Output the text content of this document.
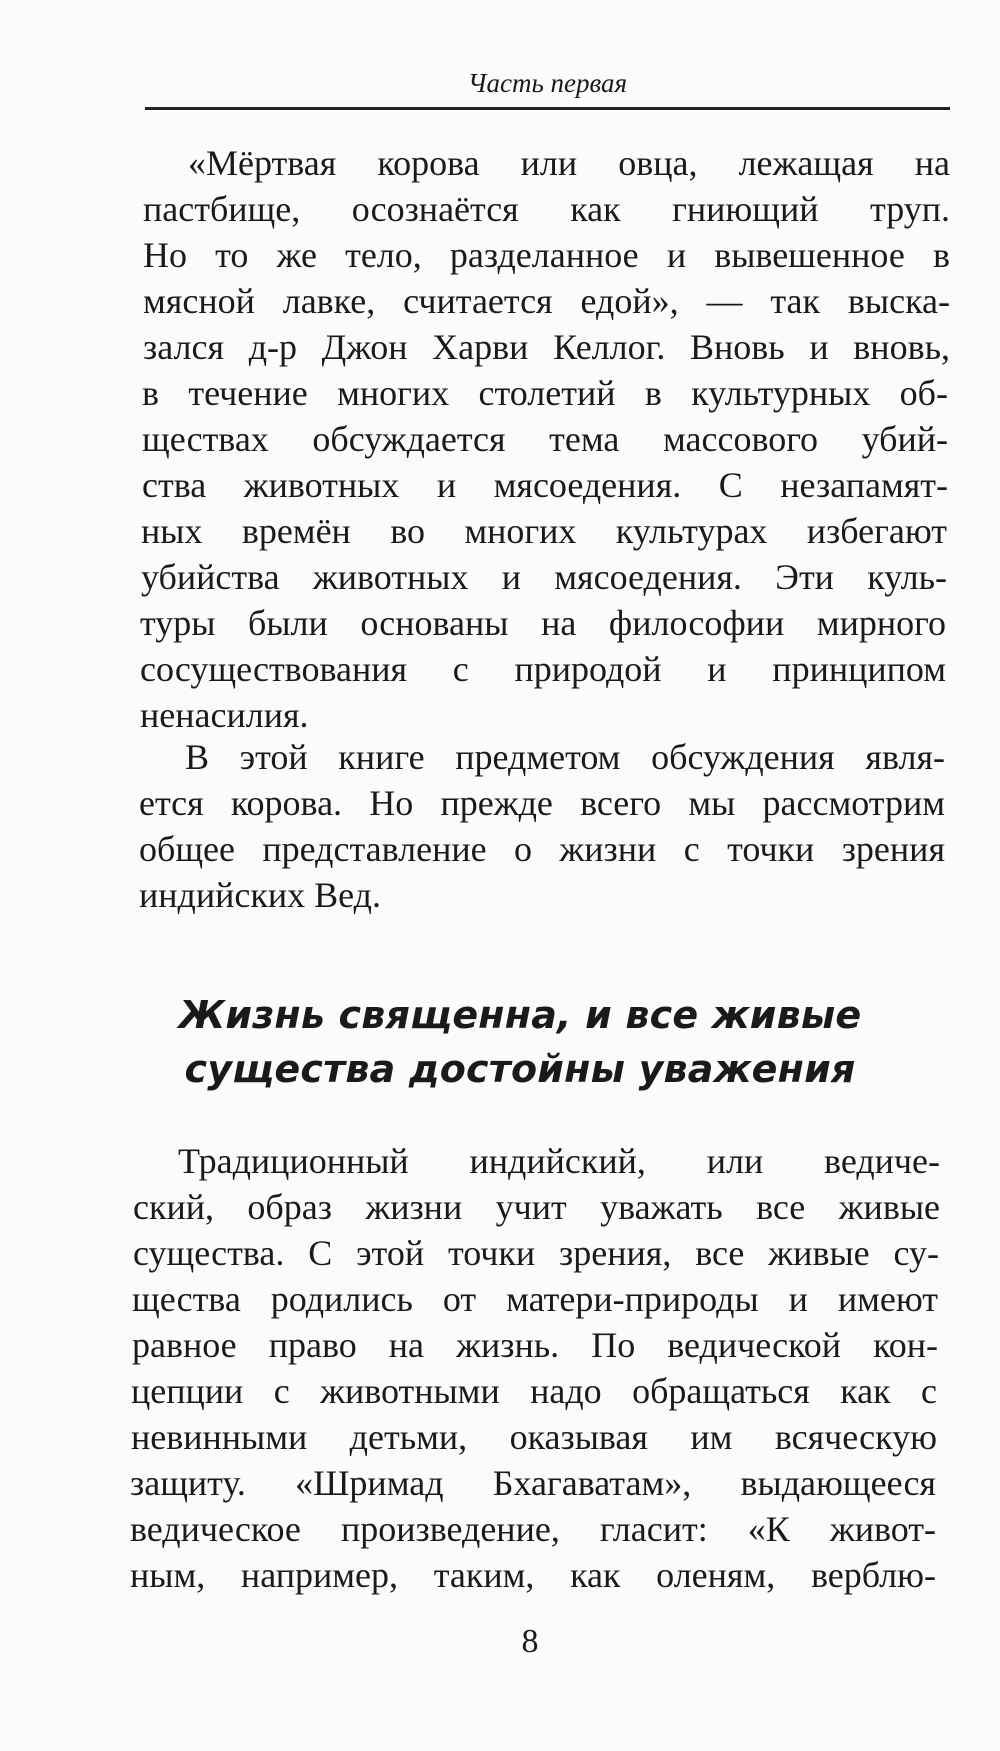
Часть первая
«Мёртвая корова или овца, лежащая на
пастбище, осознаётся как гниющий труп.
Но то же тело, разделанное и вывешенное в
мясной лавке, считается едой», — так выска-
зался д-р Джон Харви Келлог. Вновь и вновь,
в течение многих столетий в культурных об-
ществах обсуждается тема массового убий-
ства животных и мясоедения. С незапамят-
ных времён во многих культурах избегают
убийства животных и мясоедения. Эти куль-
туры были основаны на философии мирного
сосуществования с природой и принципом
ненасилия.
В этой книге предметом обсуждения явля-
ется корова. Но прежде всего мы рассмотрим
общее представление о жизни с точки зрения
индийских Вед.
Жизнь священна, и все живые
существа достойны уважения
Традиционный индийский, или ведиче-
ский, образ жизни учит уважать все живые
существа. С этой точки зрения, все живые су-
щества родились от матери-природы и имеют
равное право на жизнь. По ведической кон-
цепции с животными надо обращаться как с
невинными детьми, оказывая им всяческую
защиту. «Шримад Бхагаватам», выдающееся
ведическое произведение, гласит: «К живот-
ным, например, таким, как оленям, верблю-
8
